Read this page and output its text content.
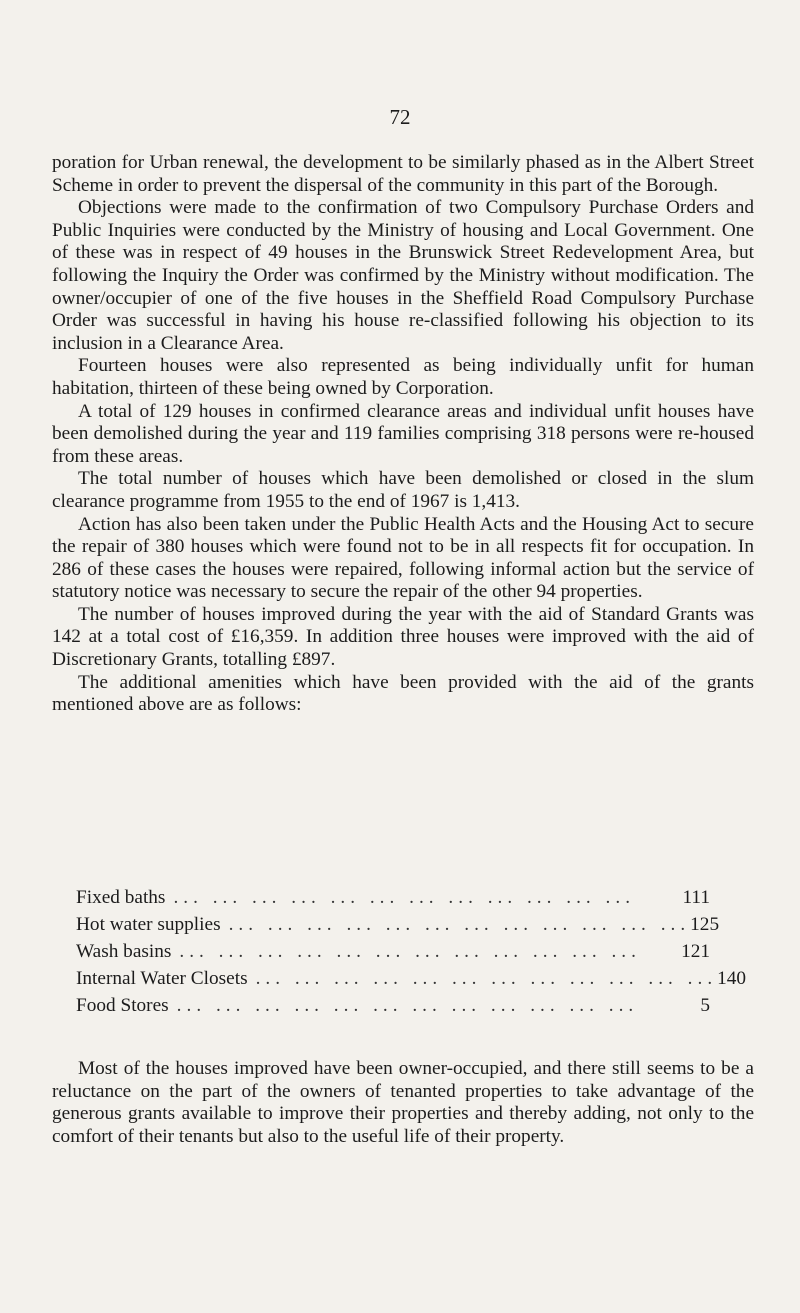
72

poration for Urban renewal, the development to be similarly phased as in the Albert Street Scheme in order to prevent the dispersal of the community in this part of the Borough.

Objections were made to the confirmation of two Compulsory Purchase Orders and Public Inquiries were conducted by the Ministry of housing and Local Government. One of these was in respect of 49 houses in the Brunswick Street Redevelopment Area, but following the Inquiry the Order was confirmed by the Ministry without modification. The owner/occupier of one of the five houses in the Sheffield Road Compulsory Purchase Order was successful in having his house re-classified following his objection to its inclusion in a Clearance Area.

Fourteen houses were also represented as being individually unfit for human habitation, thirteen of these being owned by Corporation.

A total of 129 houses in confirmed clearance areas and individual unfit houses have been demolished during the year and 119 families comprising 318 persons were re-housed from these areas.

The total number of houses which have been demolished or closed in the slum clearance programme from 1955 to the end of 1967 is 1,413.

Action has also been taken under the Public Health Acts and the Housing Act to secure the repair of 380 houses which were found not to be in all respects fit for occupation. In 286 of these cases the houses were repaired, following informal action but the service of statutory notice was necessary to secure the repair of the other 94 properties.

The number of houses improved during the year with the aid of Standard Grants was 142 at a total cost of £16,359. In addition three houses were improved with the aid of Discretionary Grants, totalling £897.

The additional amenities which have been provided with the aid of the grants mentioned above are as follows:

Fixed baths ... ... ... ... ... ... ... ... ... ... ... ...	111
Hot water supplies ... ... ... ... ... ... ... ... ... ... ... ... 125
Wash basins ... ... ... ... ... ... ... ... ... ... ... ...	121
Internal Water Closets ... ... ... ... ... ... ... ... ... ... ... ... 140
Food Stores ... ... ... ... ... ... ... ... ... ... ... ...	5

Most of the houses improved have been owner-occupied, and there still seems to be a reluctance on the part of the owners of tenanted properties to take advantage of the generous grants available to improve their properties and thereby adding, not only to the comfort of their tenants but also to the useful life of their property.
